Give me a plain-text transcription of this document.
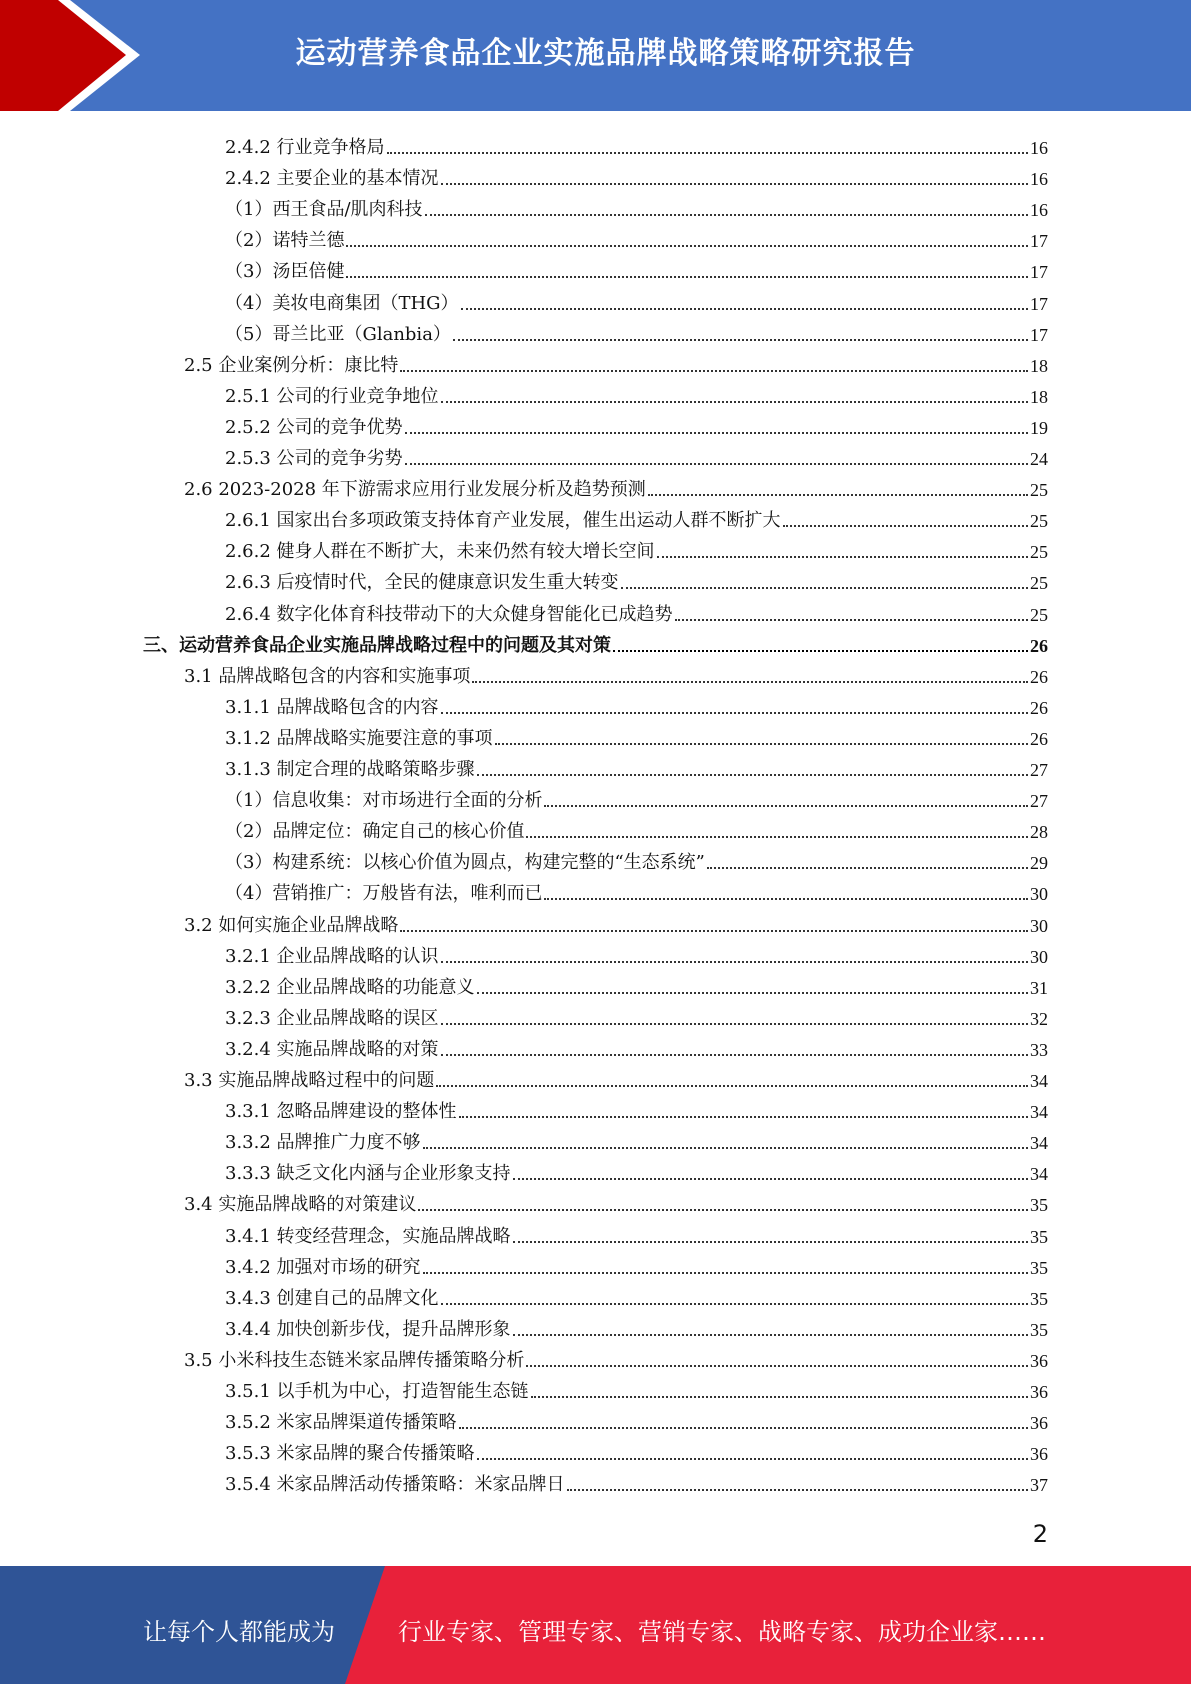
运动营养食品企业实施品牌战略策略研究报告
2.4.2 行业竞争格局	16
2.4.2 主要企业的基本情况	16
（1）西王食品/肌肉科技	16
（2）诺特兰德	17
（3）汤臣倍健	17
（4）美妆电商集团（THG）	17
（5）哥兰比亚（Glanbia）	17
2.5 企业案例分析：康比特	18
2.5.1 公司的行业竞争地位	18
2.5.2 公司的竞争优势	19
2.5.3 公司的竞争劣势	24
2.6 2023-2028 年下游需求应用行业发展分析及趋势预测	25
2.6.1 国家出台多项政策支持体育产业发展，催生出运动人群不断扩大	25
2.6.2 健身人群在不断扩大，未来仍然有较大增长空间	25
2.6.3 后疫情时代，全民的健康意识发生重大转变	25
2.6.4 数字化体育科技带动下的大众健身智能化已成趋势	25
三、运动营养食品企业实施品牌战略过程中的问题及其对策	26
3.1 品牌战略包含的内容和实施事项	26
3.1.1 品牌战略包含的内容	26
3.1.2 品牌战略实施要注意的事项	26
3.1.3 制定合理的战略策略步骤	27
（1）信息收集：对市场进行全面的分析	27
（2）品牌定位：确定自己的核心价值	28
（3）构建系统：以核心价值为圆点，构建完整的“生态系统”	29
（4）营销推广：万般皆有法，唯利而已	30
3.2 如何实施企业品牌战略	30
3.2.1 企业品牌战略的认识	30
3.2.2 企业品牌战略的功能意义	31
3.2.3 企业品牌战略的误区	32
3.2.4 实施品牌战略的对策	33
3.3 实施品牌战略过程中的问题	34
3.3.1 忽略品牌建设的整体性	34
3.3.2 品牌推广力度不够	34
3.3.3 缺乏文化内涵与企业形象支持	34
3.4 实施品牌战略的对策建议	35
3.4.1 转变经营理念，实施品牌战略	35
3.4.2 加强对市场的研究	35
3.4.3 创建自己的品牌文化	35
3.4.4 加快创新步伐，提升品牌形象	35
3.5 小米科技生态链米家品牌传播策略分析	36
3.5.1 以手机为中心，打造智能生态链	36
3.5.2 米家品牌渠道传播策略	36
3.5.3 米家品牌的聚合传播策略	36
3.5.4 米家品牌活动传播策略：米家品牌日	37
2
让每个人都能成为	行业专家、管理专家、营销专家、战略专家、成功企业家……
